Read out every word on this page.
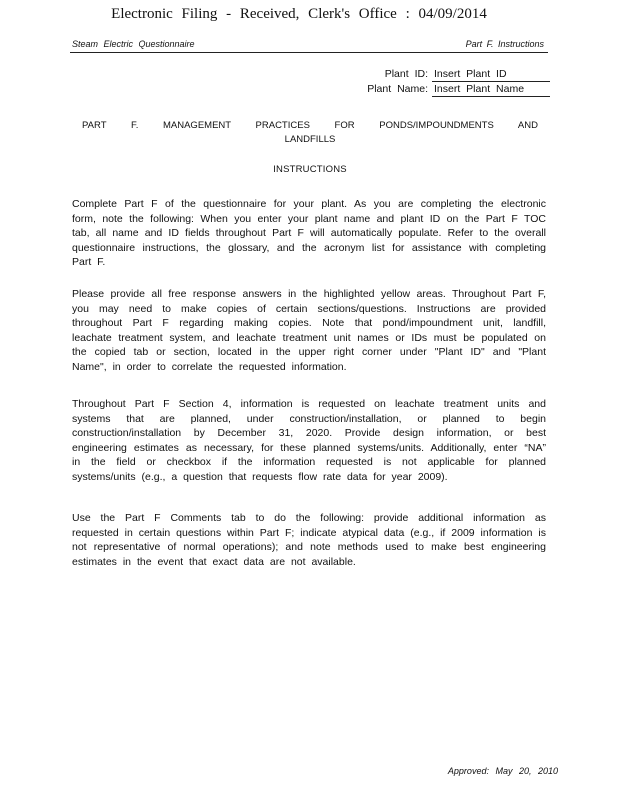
Electronic Filing - Received, Clerk's Office : 04/09/2014
Steam Electric Questionnaire	Part F. Instructions
Plant ID: Insert Plant ID
Plant Name: Insert Plant Name
PART F. MANAGEMENT PRACTICES FOR PONDS/IMPOUNDMENTS AND LANDFILLS
INSTRUCTIONS

Complete Part F of the questionnaire for your plant. As you are completing the electronic form, note the following: When you enter your plant name and plant ID on the Part F TOC tab, all name and ID fields throughout Part F will automatically populate. Refer to the overall questionnaire instructions, the glossary, and the acronym list for assistance with completing Part F.

Please provide all free response answers in the highlighted yellow areas. Throughout Part F, you may need to make copies of certain sections/questions. Instructions are provided throughout Part F regarding making copies. Note that pond/impoundment unit, landfill, leachate treatment system, and leachate treatment unit names or IDs must be populated on the copied tab or section, located in the upper right corner under "Plant ID" and "Plant Name", in order to correlate the requested information.

Throughout Part F Section 4, information is requested on leachate treatment units and systems that are planned, under construction/installation, or planned to begin construction/installation by December 31, 2020. Provide design information, or best engineering estimates as necessary, for these planned systems/units. Additionally, enter “NA” in the field or checkbox if the information requested is not applicable for planned systems/units (e.g., a question that requests flow rate data for year 2009).

Use the Part F Comments tab to do the following: provide additional information as requested in certain questions within Part F; indicate atypical data (e.g., if 2009 information is not representative of normal operations); and note methods used to make best engineering estimates in the event that exact data are not available.

Approved: May 20, 2010
